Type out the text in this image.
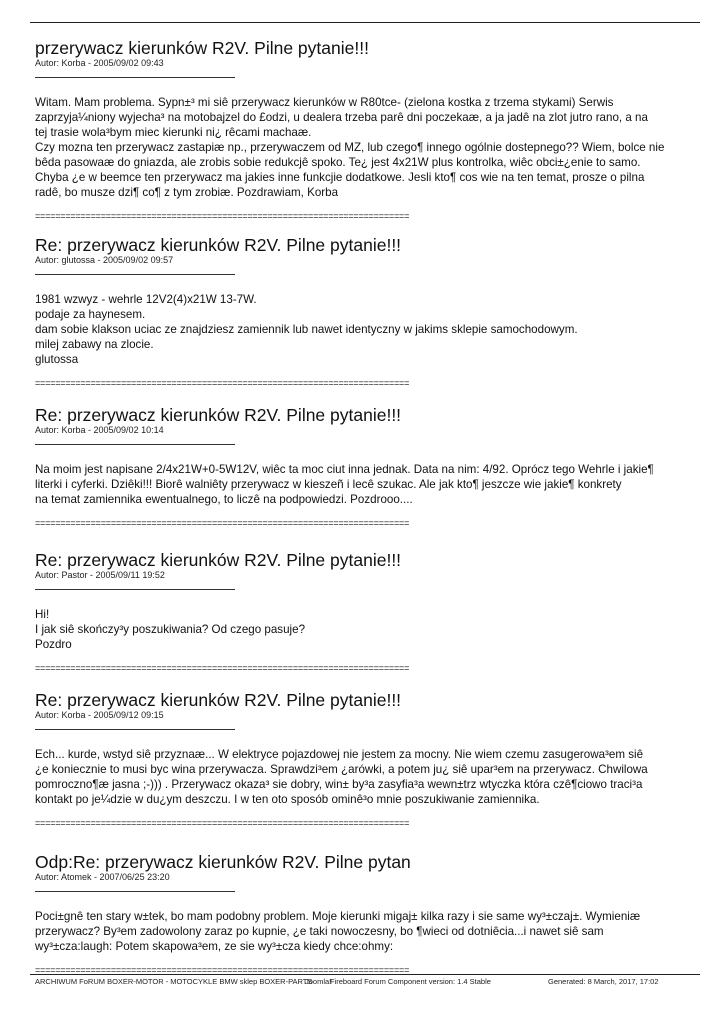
przerywacz kierunków R2V. Pilne pytanie!!!
Autor: Korba - 2005/09/02 09:43
Witam. Mam problema. Sypn±³ mi siê przerywacz kierunków w R80tce- (zielona kostka z trzema stykami) Serwis
zaprzyja¼niony wyjecha³ na motobajzel do £odzi, u dealera trzeba parê dni poczekaæ, a ja jadê na zlot jutro rano, a na
tej trasie wola³bym miec kierunki ni¿ rêcami machaæ.
Czy mozna ten przerywacz zastapiæ np., przerywaczem od MZ, lub czego¶ innego ogólnie dostepnego?? Wiem, bolce nie
bêda pasowaæ do gniazda, ale zrobis sobie redukcjê spoko. Te¿ jest 4x21W plus kontrolka, wiêc obci±¿enie to samo.
Chyba ¿e w beemce ten przerywacz ma jakies inne funkcjie dodatkowe. Jesli kto¶ cos wie na ten temat, prosze o pilna
radê, bo musze dzi¶ co¶ z tym zrobiæ. Pozdrawiam, Korba
==========================================================================
Re: przerywacz kierunków R2V. Pilne pytanie!!!
Autor: glutossa - 2005/09/02 09:57
1981 wzwyz - wehrle 12V2(4)x21W 13-7W.
podaje za haynesem.
dam sobie klakson uciac ze znajdziesz zamiennik lub nawet identyczny w jakims sklepie samochodowym.
milej zabawy na zlocie.
glutossa
==========================================================================
Re: przerywacz kierunków R2V. Pilne pytanie!!!
Autor: Korba - 2005/09/02 10:14
Na moim jest napisane 2/4x21W+0-5W12V, wiêc ta moc ciut inna jednak. Data na nim: 4/92. Oprócz tego Wehrle i jakie¶
literki i cyferki. Dziêki!!! Biorê walniêty przerywacz w kieszeñ i lecê szukac. Ale jak kto¶ jeszcze wie jakie¶ konkrety
na temat zamiennika ewentualnego, to liczê na podpowiedzi. Pozdrooo....
==========================================================================
Re: przerywacz kierunków R2V. Pilne pytanie!!!
Autor: Pastor - 2005/09/11 19:52
Hi!
I jak siê skończy³y poszukiwania? Od czego pasuje?
Pozdro
==========================================================================
Re: przerywacz kierunków R2V. Pilne pytanie!!!
Autor: Korba - 2005/09/12 09:15
Ech... kurde, wstyd siê przyznaæ... W elektryce pojazdowej nie jestem za mocny. Nie wiem czemu zasugerowa³em siê
¿e koniecznie to musi byc wina przerywacza. Sprawdzi³em ¿arówki, a potem ju¿ siê upar³em na przerywacz. Chwilowa
pomroczno¶æ jasna ;-))) . Przerywacz okaza³ sie dobry, win± by³a zasyfia³a wewn±trz wtyczka która czê¶ciowo traci³a
kontakt po je¼dzie w du¿ym deszczu. I w ten oto sposób ominê³o mnie poszukiwanie zamiennika.
==========================================================================
Odp:Re: przerywacz kierunków R2V. Pilne pytan
Autor: Atomek - 2007/06/25 23:20
Poci±gnê ten stary w±tek, bo mam podobny problem. Moje kierunki migaj± kilka razy i sie same wy³±czaj±. Wymieniæ
przerywacz? By³em zadowolony zaraz po kupnie, ¿e taki nowoczesny, bo ¶wieci od dotniêcia...i nawet siê sam
wy³±cza:laugh: Potem skapowa³em, ze sie wy³±cza kiedy chce:ohmy:
==========================================================================
ARCHIWUM FoRUM BOXER-MOTOR - MOTOCYKLE BMW sklep BOXER-PARTS
Joomla!
Fireboard Forum Component version: 1.4 Stable	Generated: 8 March, 2017, 17:02
